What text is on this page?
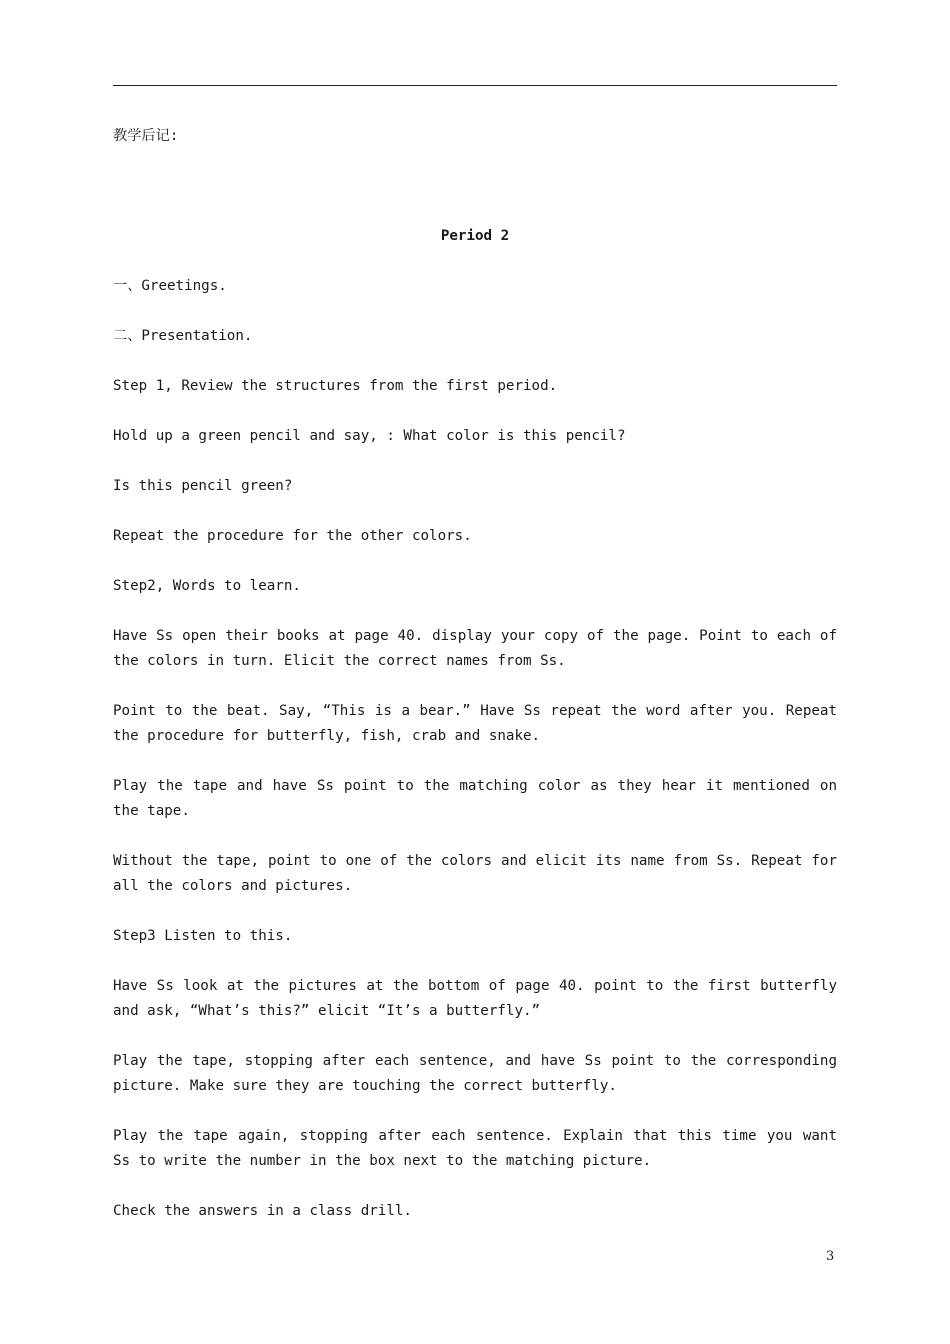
教学后记:

Period 2

一、Greetings.

二、Presentation.

Step 1, Review the structures from the first period.

Hold up a green pencil and say, : What color is this pencil?

Is this pencil green?

Repeat the procedure for the other colors.

Step2, Words to learn.

Have Ss open their books at page 40. display your copy of the page. Point to each of the colors in turn. Elicit the correct names from Ss.

Point to the beat. Say, “This is a bear.” Have Ss repeat the word after you. Repeat the procedure for butterfly, fish, crab and snake.

Play the tape and have Ss point to the matching color as they hear it mentioned on the tape.

Without the tape, point to one of the colors and elicit its name from Ss. Repeat for all the colors and pictures.

Step3 Listen to this.

Have Ss look at the pictures at the bottom of page 40. point to the first butterfly and ask, “What’s this?” elicit “It’s a butterfly.”

Play the tape, stopping after each sentence, and have Ss point to the corresponding picture. Make sure they are touching the correct butterfly.

Play the tape again, stopping after each sentence. Explain that this time you want Ss to write the number in the box next to the matching picture.

Check the answers in a class drill.

3
